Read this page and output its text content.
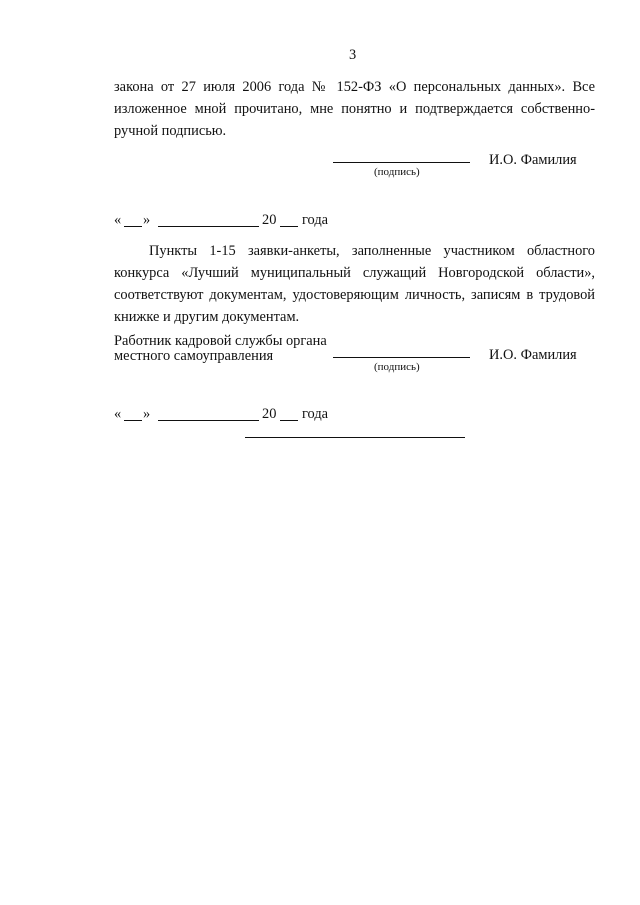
3
закона от 27 июля 2006 года № 152-ФЗ «О персональных данных». Все
изложенное мной прочитано, мне понятно и подтверждается собственно-
ручной подписью.
И.О. Фамилия
(подпись)
« »	20 года
Пункты 1-15 заявки-анкеты, заполненные участником областного
конкурса «Лучший муниципальный служащий Новгородской области»,
соответствуют документам, удостоверяющим личность, записям в трудовой
книжке и другим документам.
Работник кадровой службы органа
местного самоуправления	И.О. Фамилия
(подпись)
« »	20 года
